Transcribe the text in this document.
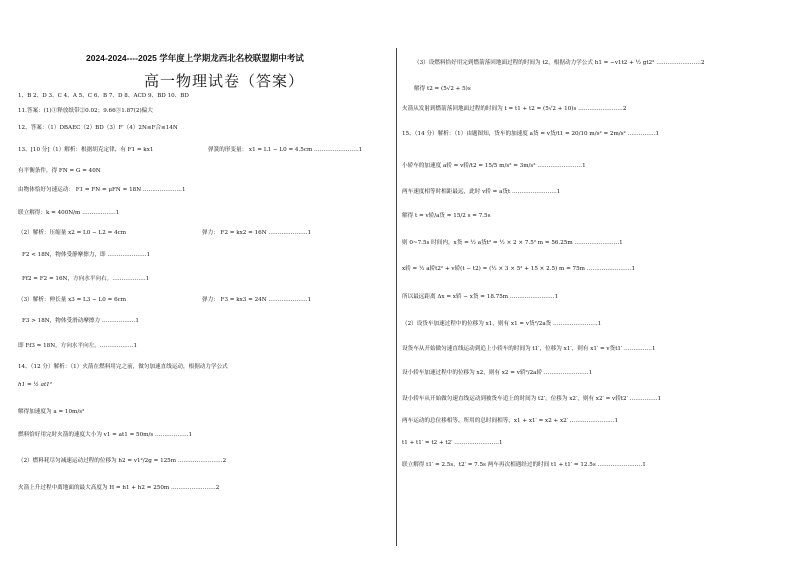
2024-2024----2025 学年度上学期龙西北名校联盟期中考试
高一物理试卷（答案）
1、B 2、D 3、C 4、A 5、C 6、B 7、D 8、ACD 9、BD 10、BD
11.答案：(1)①释放纸带②0.02；9.66③1.87(2)偏大
12、答案：（1）DBAEC（2）BD（3）F′（4）2N≤F合≤14N
13、[10 分]（1）解析：根据胡克定律，有 F1 = kx1	弹簧的形变量： x1 = L1 − L0 = 4.5cm ……………………1
有平衡条件，得 FN = G = 40N
由物体恰好匀速运动： F1 = FN = μFN = 18N …………………1
联立解得：k = 400N/m ………………1
（2）解析：压缩量 x2 = L0 − L2 = 4cm	弹力： F2 = kx2 = 16N …………………1
F2 < 18N，物体受静摩擦力，即 …………………1
Ff2 = F2 = 16N，方向水平向右。………………1
（3）解析：伸长量 x3 = L3 − L0 = 6cm	弹力： F3 = kx3 = 24N …………………1
F3 > 18N，物体受滑动摩擦力 ………………1
即 Ff3 = 18N，方向水平向左。………………1
14、（12 分）解析：（1）火箭在燃料用完之前，做匀加速直线运动，根据动力学公式
h1 = ½ at1²
解得加速度为 a = 10m/s²
燃料恰好用完时火箭的速度大小为 v1 = at1 = 50m/s ………………1
（2）燃料耗尽匀减速运动过程的位移为 h2 = v1²/2g = 125m ……………………2
火箭上升过程中离地面的最大高度为 H = h1 + h2 = 250m ……………………2
（3）设燃料恰好用完到燃箭落回地面过程的时间为 t2，根据动力学公式 h1 = −v1t2 + ½ gt2² ……………………2
解得 t2 = (5√2 + 5)s
火箭从发射到燃箭落回地面过程的时间为 t = t1 + t2 = (5√2 + 10)s ……………………2
15、（14 分）解析：（1）由题图知，货车的加速度 a货 = v货/t1 = 20/10 m/s² = 2m/s² ……………1
小轿车的加速度 a轿 = v轿/t2 = 15/5 m/s² = 3m/s² ……………………1
两车速度相等时相距最远，此时 v轿 = a货t ……………………1
解得 t = v轿/a货 = 15/2 s = 7.5s
则 0~7.5s 时间内，x货 = ½ a货t² = ½ × 2 × 7.5² m = 56.25m ……………………1
x轿 = ½ a轿t2² + v轿(t − t2) = (½ × 3 × 5² + 15 × 2.5) m = 75m ……………………1
所以最远距离 Δx = x轿 − x货 = 18.75m ……………………1
（2）设货车加速过程中的位移为 x1，则有 x1 = v货²/2a货 ……………………1
设货车从开始做匀速直线运动到追上小轿车的时间为 t1′，位移为 x1′，则有 x1′ = v货t1′ ……………1
设小轿车加速过程中的位移为 x2，则有 x2 = v轿²/2a轿 ……………………1
设小轿车从开始做匀速直线运动到被货车追上的时间为 t2′，位移为 x2′，则有 x2′ = v轿t2′ ……………1
两车运动的总位移相等，所用的总时间相等，x1 + x1′ = x2 + x2′ ……………………1
t1 + t1′ = t2 + t2′ ……………………1
联立解得 t1′ = 2.5s，t2′ = 7.5s 两车再次相遇经过的时间 t1 + t1′ = 12.5s ……………………1
